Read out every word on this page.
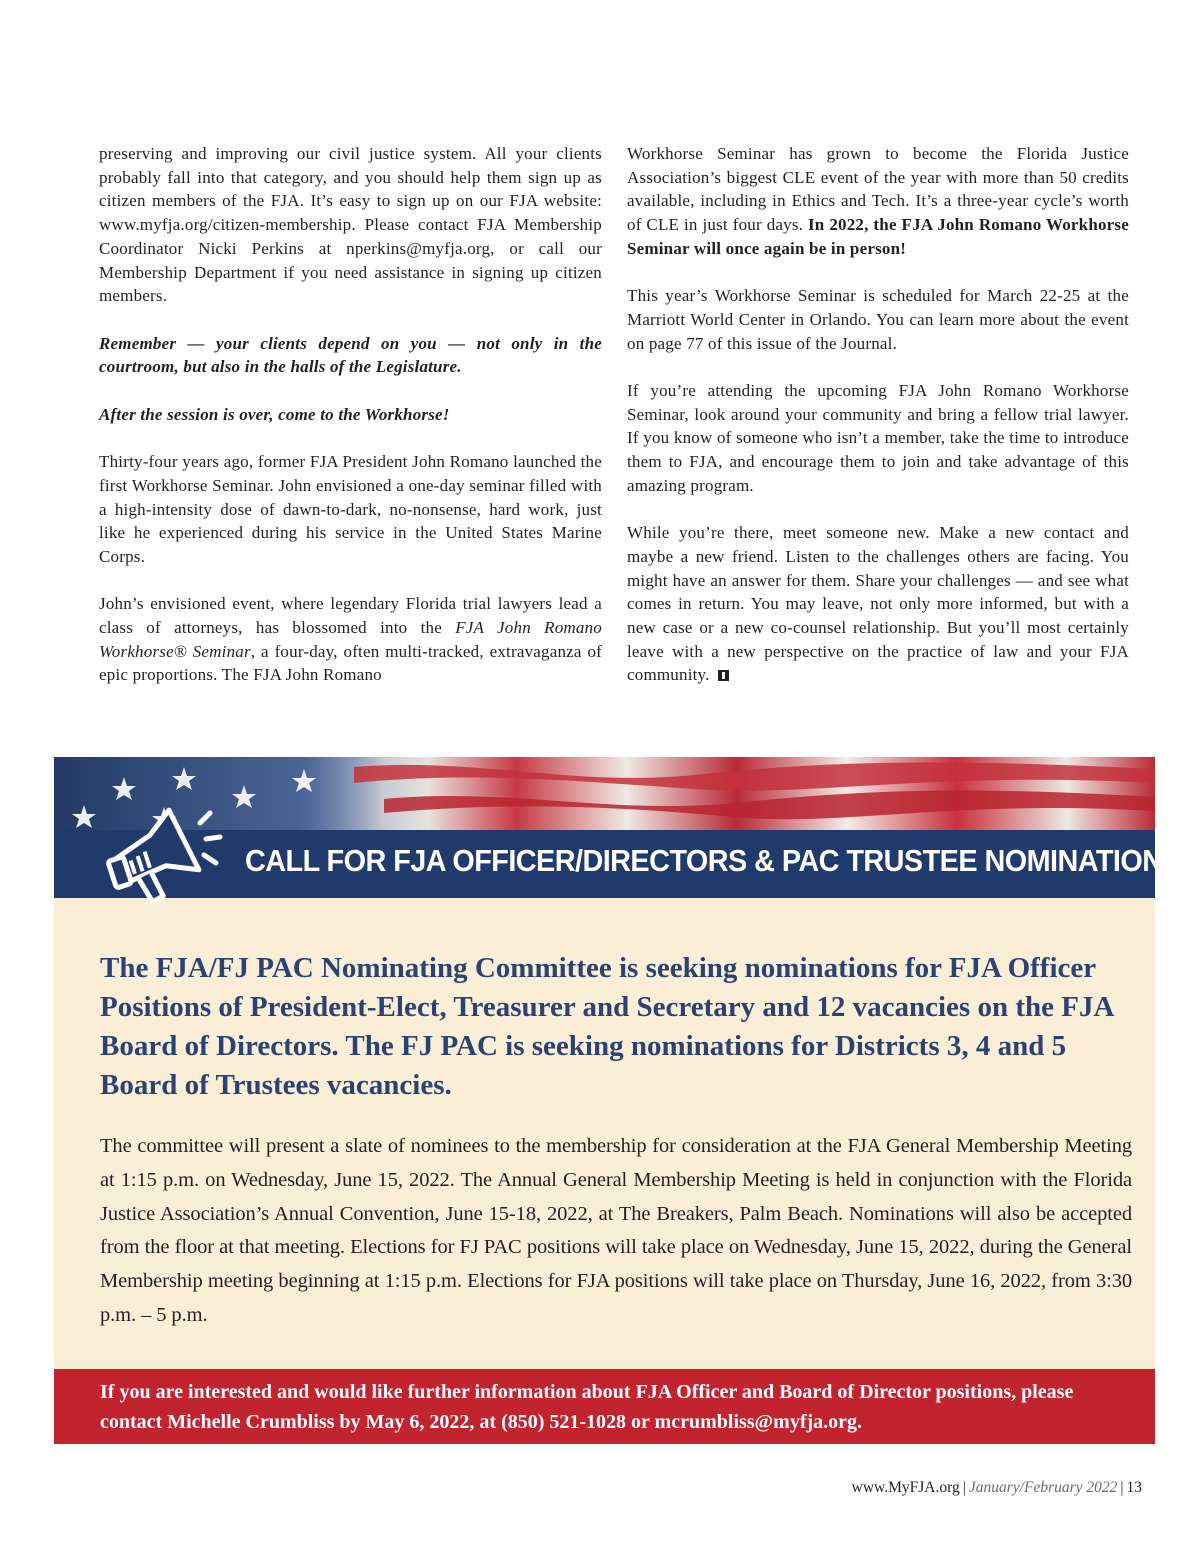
preserving and improving our civil justice system. All your clients probably fall into that category, and you should help them sign up as citizen members of the FJA. It’s easy to sign up on our FJA website: www.myfja.org/citizen-membership. Please contact FJA Membership Coordinator Nicki Perkins at nperkins@myfja.org, or call our Membership Department if you need assistance in signing up citizen members.

Remember — your clients depend on you — not only in the courtroom, but also in the halls of the Legislature.

After the session is over, come to the Workhorse!

Thirty-four years ago, former FJA President John Romano launched the first Workhorse Seminar. John envisioned a one-day seminar filled with a high-intensity dose of dawn-to-dark, no-nonsense, hard work, just like he experienced during his service in the United States Marine Corps.

John’s envisioned event, where legendary Florida trial lawyers lead a class of attorneys, has blossomed into the FJA John Romano Workhorse® Seminar, a four-day, often multi-tracked, extravaganza of epic proportions. The FJA John Romano

Workhorse Seminar has grown to become the Florida Justice Association’s biggest CLE event of the year with more than 50 credits available, including in Ethics and Tech. It’s a three-year cycle’s worth of CLE in just four days. In 2022, the FJA John Romano Workhorse Seminar will once again be in person!

This year’s Workhorse Seminar is scheduled for March 22-25 at the Marriott World Center in Orlando. You can learn more about the event on page 77 of this issue of the Journal.

If you’re attending the upcoming FJA John Romano Workhorse Seminar, look around your community and bring a fellow trial lawyer. If you know of someone who isn’t a member, take the time to introduce them to FJA, and encourage them to join and take advantage of this amazing program.

While you’re there, meet someone new. Make a new contact and maybe a new friend. Listen to the challenges others are facing. You might have an answer for them. Share your challenges — and see what comes in return. You may leave, not only more informed, but with a new case or a new co-counsel relationship. But you’ll most certainly leave with a new perspective on the practice of law and your FJA community.

CALL FOR FJA OFFICER/DIRECTORS & PAC TRUSTEE NOMINATIONS
The FJA/FJ PAC Nominating Committee is seeking nominations for FJA Officer Positions of President-Elect, Treasurer and Secretary and 12 vacancies on the FJA Board of Directors. The FJ PAC is seeking nominations for Districts 3, 4 and 5 Board of Trustees vacancies.
The committee will present a slate of nominees to the membership for consideration at the FJA General Membership Meeting at 1:15 p.m. on Wednesday, June 15, 2022. The Annual General Membership Meeting is held in conjunction with the Florida Justice Association’s Annual Convention, June 15-18, 2022, at The Breakers, Palm Beach. Nominations will also be accepted from the floor at that meeting. Elections for FJ PAC positions will take place on Wednesday, June 15, 2022, during the General Membership meeting beginning at 1:15 p.m. Elections for FJA positions will take place on Thursday, June 16, 2022, from 3:30 p.m. – 5 p.m.
If you are interested and would like further information about FJA Officer and Board of Director positions, please contact Michelle Crumbliss by May 6, 2022, at (850) 521-1028 or mcrumbliss@myfja.org.
www.MyFJA.org | January/February 2022 | 13
